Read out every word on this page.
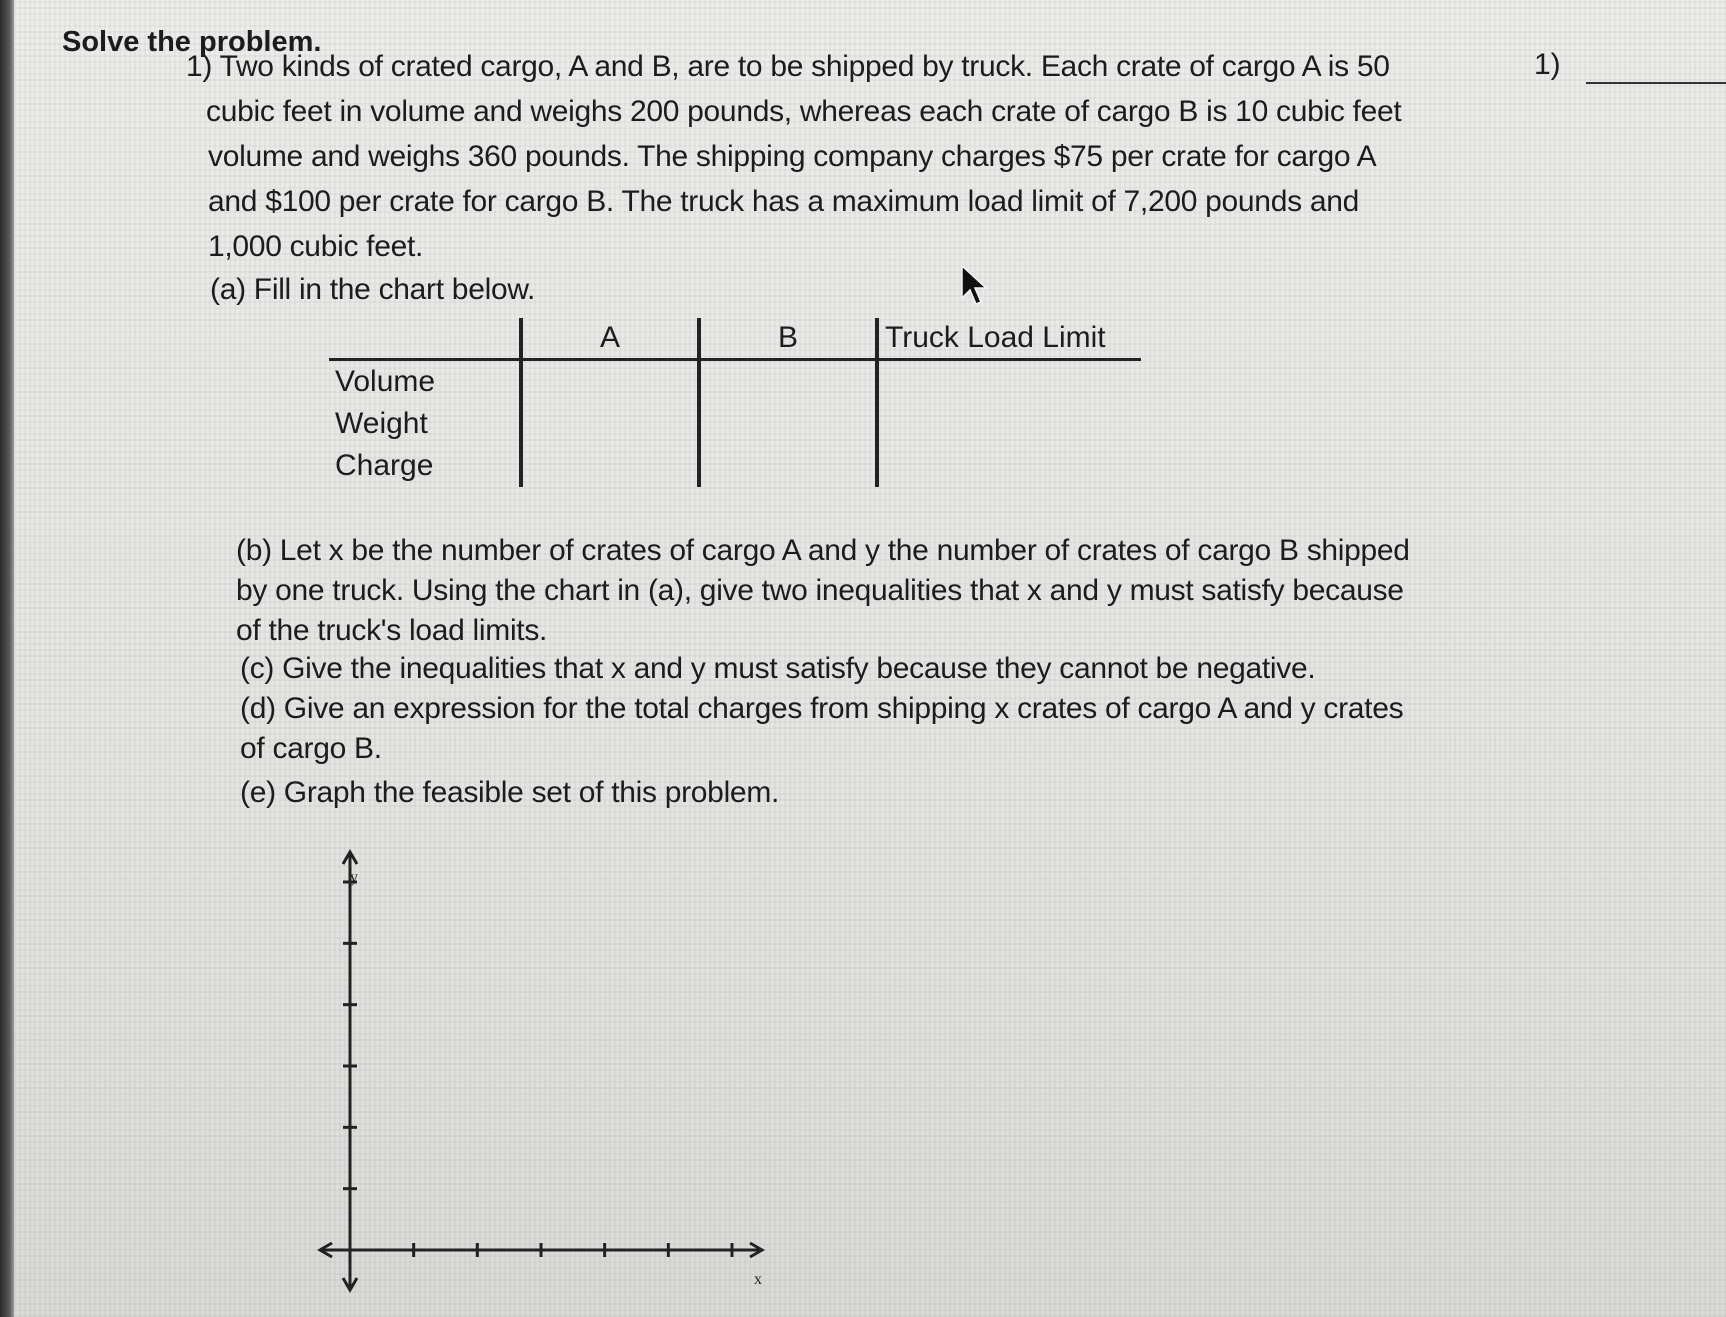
Solve the problem.
1) Two kinds of crated cargo, A and B, are to be shipped by truck. Each crate of cargo A is 50
cubic feet in volume and weighs 200 pounds, whereas each crate of cargo B is 10 cubic feet
volume and weighs 360 pounds. The shipping company charges $75 per crate for cargo A
and $100 per crate for cargo B. The truck has a maximum load limit of 7,200 pounds and
1,000 cubic feet.
(a) Fill in the chart below.
1)
	A	B	Truck Load Limit
Volume			
Weight			
Charge			
(b) Let x be the number of crates of cargo A and y the number of crates of cargo B shipped
by one truck. Using the chart in (a), give two inequalities that x and y must satisfy because
of the truck's load limits.
(c) Give the inequalities that x and y must satisfy because they cannot be negative.
(d) Give an expression for the total charges from shipping x crates of cargo A and y crates
of cargo B.
(e) Graph the feasible set of this problem.
y
x
